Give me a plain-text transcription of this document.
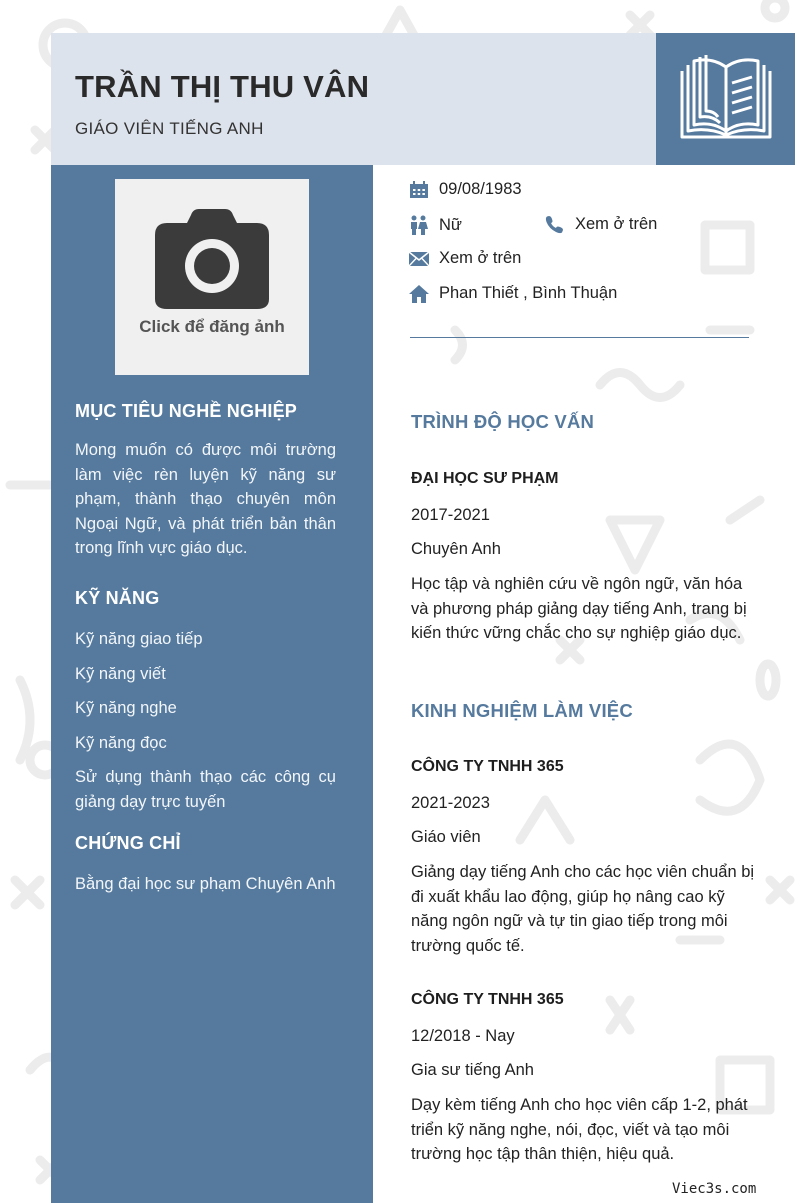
TRẦN THỊ THU VÂN
GIÁO VIÊN TIẾNG ANH
Click để đăng ảnh
MỤC TIÊU NGHỀ NGHIỆP
Mong muốn có được môi trường làm việc rèn luyện kỹ năng sư phạm, thành thạo chuyên môn Ngoại Ngữ, và phát triển bản thân trong lĩnh vực giáo dục.
KỸ NĂNG
Kỹ năng giao tiếp
Kỹ năng viết
Kỹ năng nghe
Kỹ năng đọc
Sử dụng thành thạo các công cụ giảng dạy trực tuyến
CHỨNG CHỈ
Bằng đại học sư phạm Chuyên Anh
09/08/1983
Nữ	Xem ở trên
Xem ở trên
Phan Thiết , Bình Thuận
TRÌNH ĐỘ HỌC VẤN
ĐẠI HỌC SƯ PHẠM
2017-2021
Chuyên Anh
Học tập và nghiên cứu về ngôn ngữ, văn hóa và phương pháp giảng dạy tiếng Anh, trang bị kiến thức vững chắc cho sự nghiệp giáo dục.
KINH NGHIỆM LÀM VIỆC
CÔNG TY TNHH 365
2021-2023
Giáo viên
Giảng dạy tiếng Anh cho các học viên chuẩn bị đi xuất khẩu lao động, giúp họ nâng cao kỹ năng ngôn ngữ và tự tin giao tiếp trong môi trường quốc tế.
CÔNG TY TNHH 365
12/2018 - Nay
Gia sư tiếng Anh
Dạy kèm tiếng Anh cho học viên cấp 1-2, phát triển kỹ năng nghe, nói, đọc, viết và tạo môi trường học tập thân thiện, hiệu quả.
Viec3s.com
